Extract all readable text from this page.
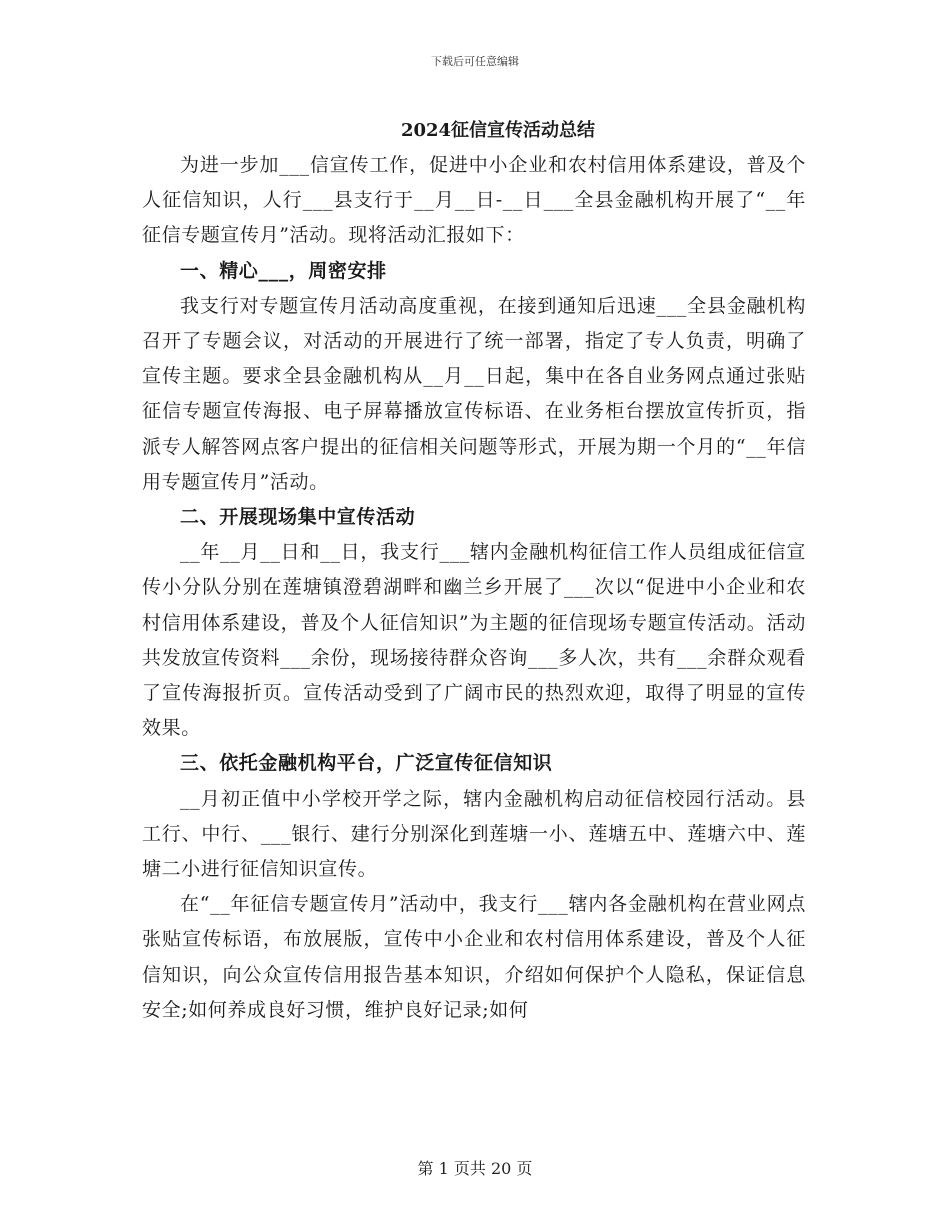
下载后可任意编辑
2024征信宣传活动总结

为进一步加___信宣传工作，促进中小企业和农村信用体系建设，普及个人征信知识，人行___县支行于__月__日-__日___全县金融机构开展了“__年征信专题宣传月”活动。现将活动汇报如下：

一、精心___，周密安排

我支行对专题宣传月活动高度重视，在接到通知后迅速___全县金融机构召开了专题会议，对活动的开展进行了统一部署，指定了专人负责，明确了宣传主题。要求全县金融机构从__月__日起，集中在各自业务网点通过张贴征信专题宣传海报、电子屏幕播放宣传标语、在业务柜台摆放宣传折页，指派专人解答网点客户提出的征信相关问题等形式，开展为期一个月的“__年信用专题宣传月”活动。

二、开展现场集中宣传活动

__年__月__日和__日，我支行___辖内金融机构征信工作人员组成征信宣传小分队分别在莲塘镇澄碧湖畔和幽兰乡开展了___次以“促进中小企业和农村信用体系建设，普及个人征信知识”为主题的征信现场专题宣传活动。活动共发放宣传资料___余份，现场接待群众咨询___多人次，共有___余群众观看了宣传海报折页。宣传活动受到了广阔市民的热烈欢迎，取得了明显的宣传效果。

三、依托金融机构平台，广泛宣传征信知识

__月初正值中小学校开学之际，辖内金融机构启动征信校园行活动。县工行、中行、___银行、建行分别深化到莲塘一小、莲塘五中、莲塘六中、莲塘二小进行征信知识宣传。

在“__年征信专题宣传月”活动中，我支行___辖内各金融机构在营业网点张贴宣传标语，布放展版，宣传中小企业和农村信用体系建设，普及个人征信知识，向公众宣传信用报告基本知识，介绍如何保护个人隐私，保证信息安全;如何养成良好习惯，维护良好记录;如何

第 1 页共 20 页
